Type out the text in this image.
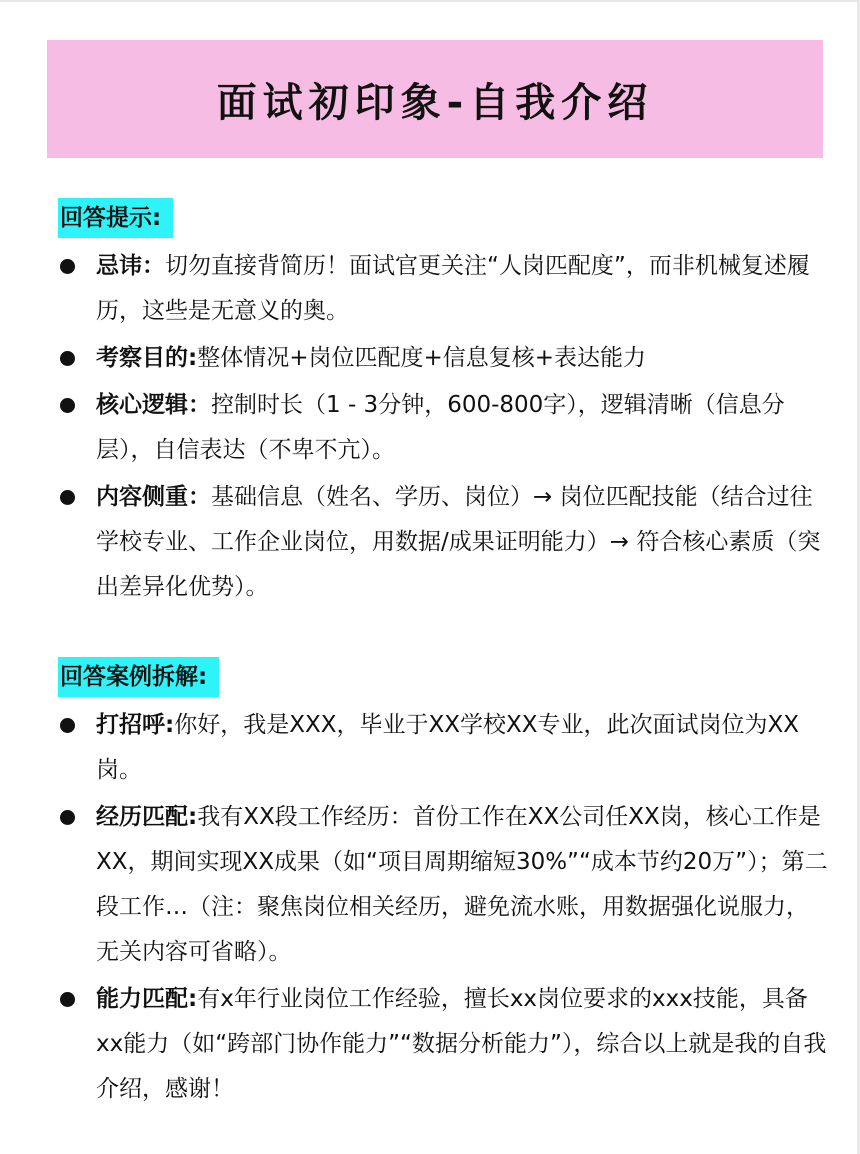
面试初印象-自我介绍
回答提示:
忌讳：切勿直接背简历！面试官更关注“人岗匹配度”，而非机械复述履历，这些是无意义的奥。
考察目的:整体情况+岗位匹配度+信息复核+表达能力
核心逻辑：控制时长（1 - 3分钟，600-800字），逻辑清晰（信息分层），自信表达（不卑不亢）。
内容侧重：基础信息（姓名、学历、岗位）→ 岗位匹配技能（结合过往学校专业、工作企业岗位，用数据/成果证明能力）→ 符合核心素质（突出差异化优势）。
回答案例拆解:
打招呼:你好，我是XXX，毕业于XX学校XX专业，此次面试岗位为XX岗。
经历匹配:我有XX段工作经历：首份工作在XX公司任XX岗，核心工作是XX，期间实现XX成果（如“项目周期缩短30%”“成本节约20万”）；第二段工作…（注：聚焦岗位相关经历，避免流水账，用数据强化说服力，无关内容可省略）。
能力匹配:有x年行业岗位工作经验，擅长xx岗位要求的xxx技能，具备xx能力（如“跨部门协作能力”“数据分析能力”），综合以上就是我的自我介绍，感谢！
